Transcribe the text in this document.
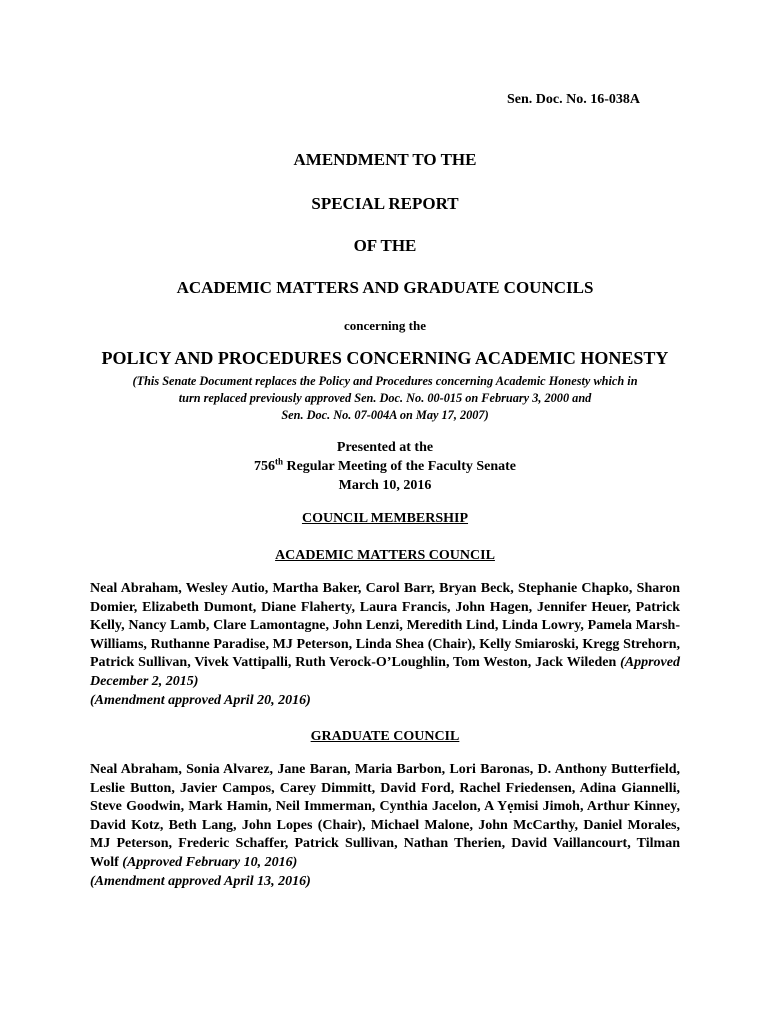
Sen. Doc. No. 16-038A
AMENDMENT TO THE
SPECIAL REPORT
OF THE
ACADEMIC MATTERS AND GRADUATE COUNCILS
concerning the
POLICY AND PROCEDURES CONCERNING ACADEMIC HONESTY
(This Senate Document replaces the Policy and Procedures concerning Academic Honesty which in
turn replaced previously approved Sen. Doc. No. 00-015 on February 3, 2000 and
Sen. Doc. No. 07-004A on May 17, 2007)
Presented at the
756th Regular Meeting of the Faculty Senate
March 10, 2016
COUNCIL MEMBERSHIP
ACADEMIC MATTERS COUNCIL
Neal Abraham, Wesley Autio, Martha Baker, Carol Barr, Bryan Beck, Stephanie Chapko, Sharon Domier, Elizabeth Dumont, Diane Flaherty, Laura Francis, John Hagen, Jennifer Heuer, Patrick Kelly, Nancy Lamb, Clare Lamontagne, John Lenzi, Meredith Lind, Linda Lowry, Pamela Marsh-Williams, Ruthanne Paradise, MJ Peterson, Linda Shea (Chair), Kelly Smiaroski, Kregg Strehorn, Patrick Sullivan, Vivek Vattipalli, Ruth Verock-O’Loughlin, Tom Weston, Jack Wileden (Approved December 2, 2015)
(Amendment approved April 20, 2016)
GRADUATE COUNCIL
Neal Abraham, Sonia Alvarez, Jane Baran, Maria Barbon, Lori Baronas, D. Anthony Butterfield, Leslie Button, Javier Campos, Carey Dimmitt, David Ford, Rachel Friedensen, Adina Giannelli, Steve Goodwin, Mark Hamin, Neil Immerman, Cynthia Jacelon, A Yẹmisi Jimoh, Arthur Kinney, David Kotz, Beth Lang, John Lopes (Chair), Michael Malone, John McCarthy, Daniel Morales, MJ Peterson, Frederic Schaffer, Patrick Sullivan, Nathan Therien, David Vaillancourt, Tilman Wolf (Approved February 10, 2016)
(Amendment approved April 13, 2016)
